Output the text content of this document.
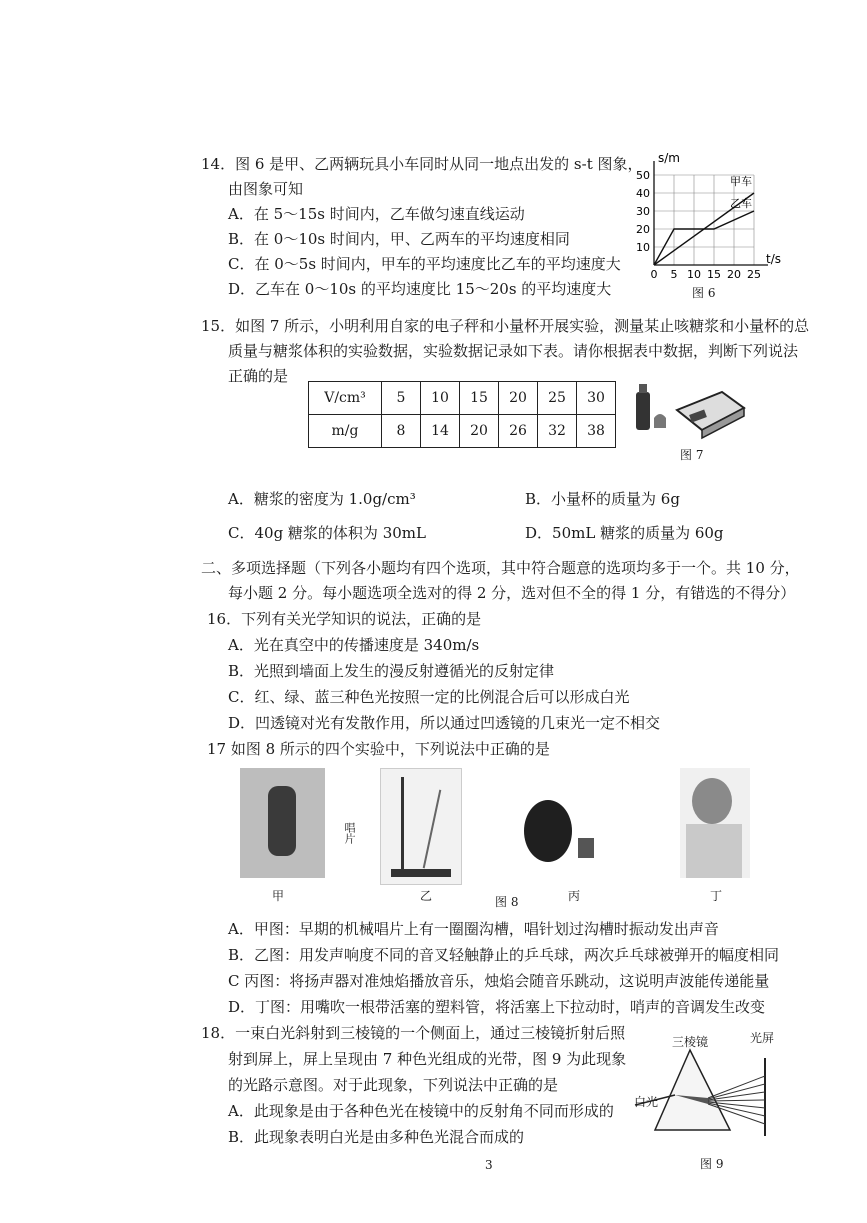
14．图 6 是甲、乙两辆玩具小车同时从同一地点出发的 s-t 图象，
由图象可知
A．在 5～15s 时间内，乙车做匀速直线运动
B．在 0～10s 时间内，甲、乙两车的平均速度相同
C．在 0～5s 时间内，甲车的平均速度比乙车的平均速度大
D．乙车在 0～10s 的平均速度比 15～20s 的平均速度大
0 5 10 15 20 25
10
20
30
40
50
s/m
t/s
甲车
乙车
图 6
15．如图 7 所示，小明利用自家的电子秤和小量杯开展实验，测量某止咳糖浆和小量杯的总
质量与糖浆体积的实验数据，实验数据记录如下表。请你根据表中数据，判断下列说法
正确的是
V/cm³	5	10	15	20	25	30
m/g	8	14	20	26	32	38
图 7
A．糖浆的密度为 1.0g/cm³	B．小量杯的质量为 6g
C．40g 糖浆的体积为 30mL	D．50mL 糖浆的质量为 60g
二、多项选择题（下列各小题均有四个选项，其中符合题意的选项均多于一个。共 10 分，
每小题 2 分。每小题选项全选对的得 2 分，选对但不全的得 1 分，有错选的不得分）
16．下列有关光学知识的说法，正确的是
A．光在真空中的传播速度是 340m/s
B．光照到墙面上发生的漫反射遵循光的反射定律
C．红、绿、蓝三种色光按照一定的比例混合后可以形成白光
D．凹透镜对光有发散作用，所以通过凹透镜的几束光一定不相交
17 如图 8 所示的四个实验中，下列说法中正确的是
唱片
甲	乙	图 8	丙	丁
A．甲图：早期的机械唱片上有一圈圈沟槽，唱针划过沟槽时振动发出声音
B．乙图：用发声响度不同的音叉轻触静止的乒乓球，两次乒乓球被弹开的幅度相同
C 丙图：将扬声器对准烛焰播放音乐，烛焰会随音乐跳动，这说明声波能传递能量
D．丁图：用嘴吹一根带活塞的塑料管，将活塞上下拉动时，哨声的音调发生改变
18．一束白光斜射到三棱镜的一个侧面上，通过三棱镜折射后照
射到屏上，屏上呈现由 7 种色光组成的光带，图 9 为此现象
的光路示意图。对于此现象，下列说法中正确的是
A．此现象是由于各种色光在棱镜中的反射角不同而形成的
B．此现象表明白光是由多种色光混合而成的
三棱镜	光屏
白光
图 9
3
